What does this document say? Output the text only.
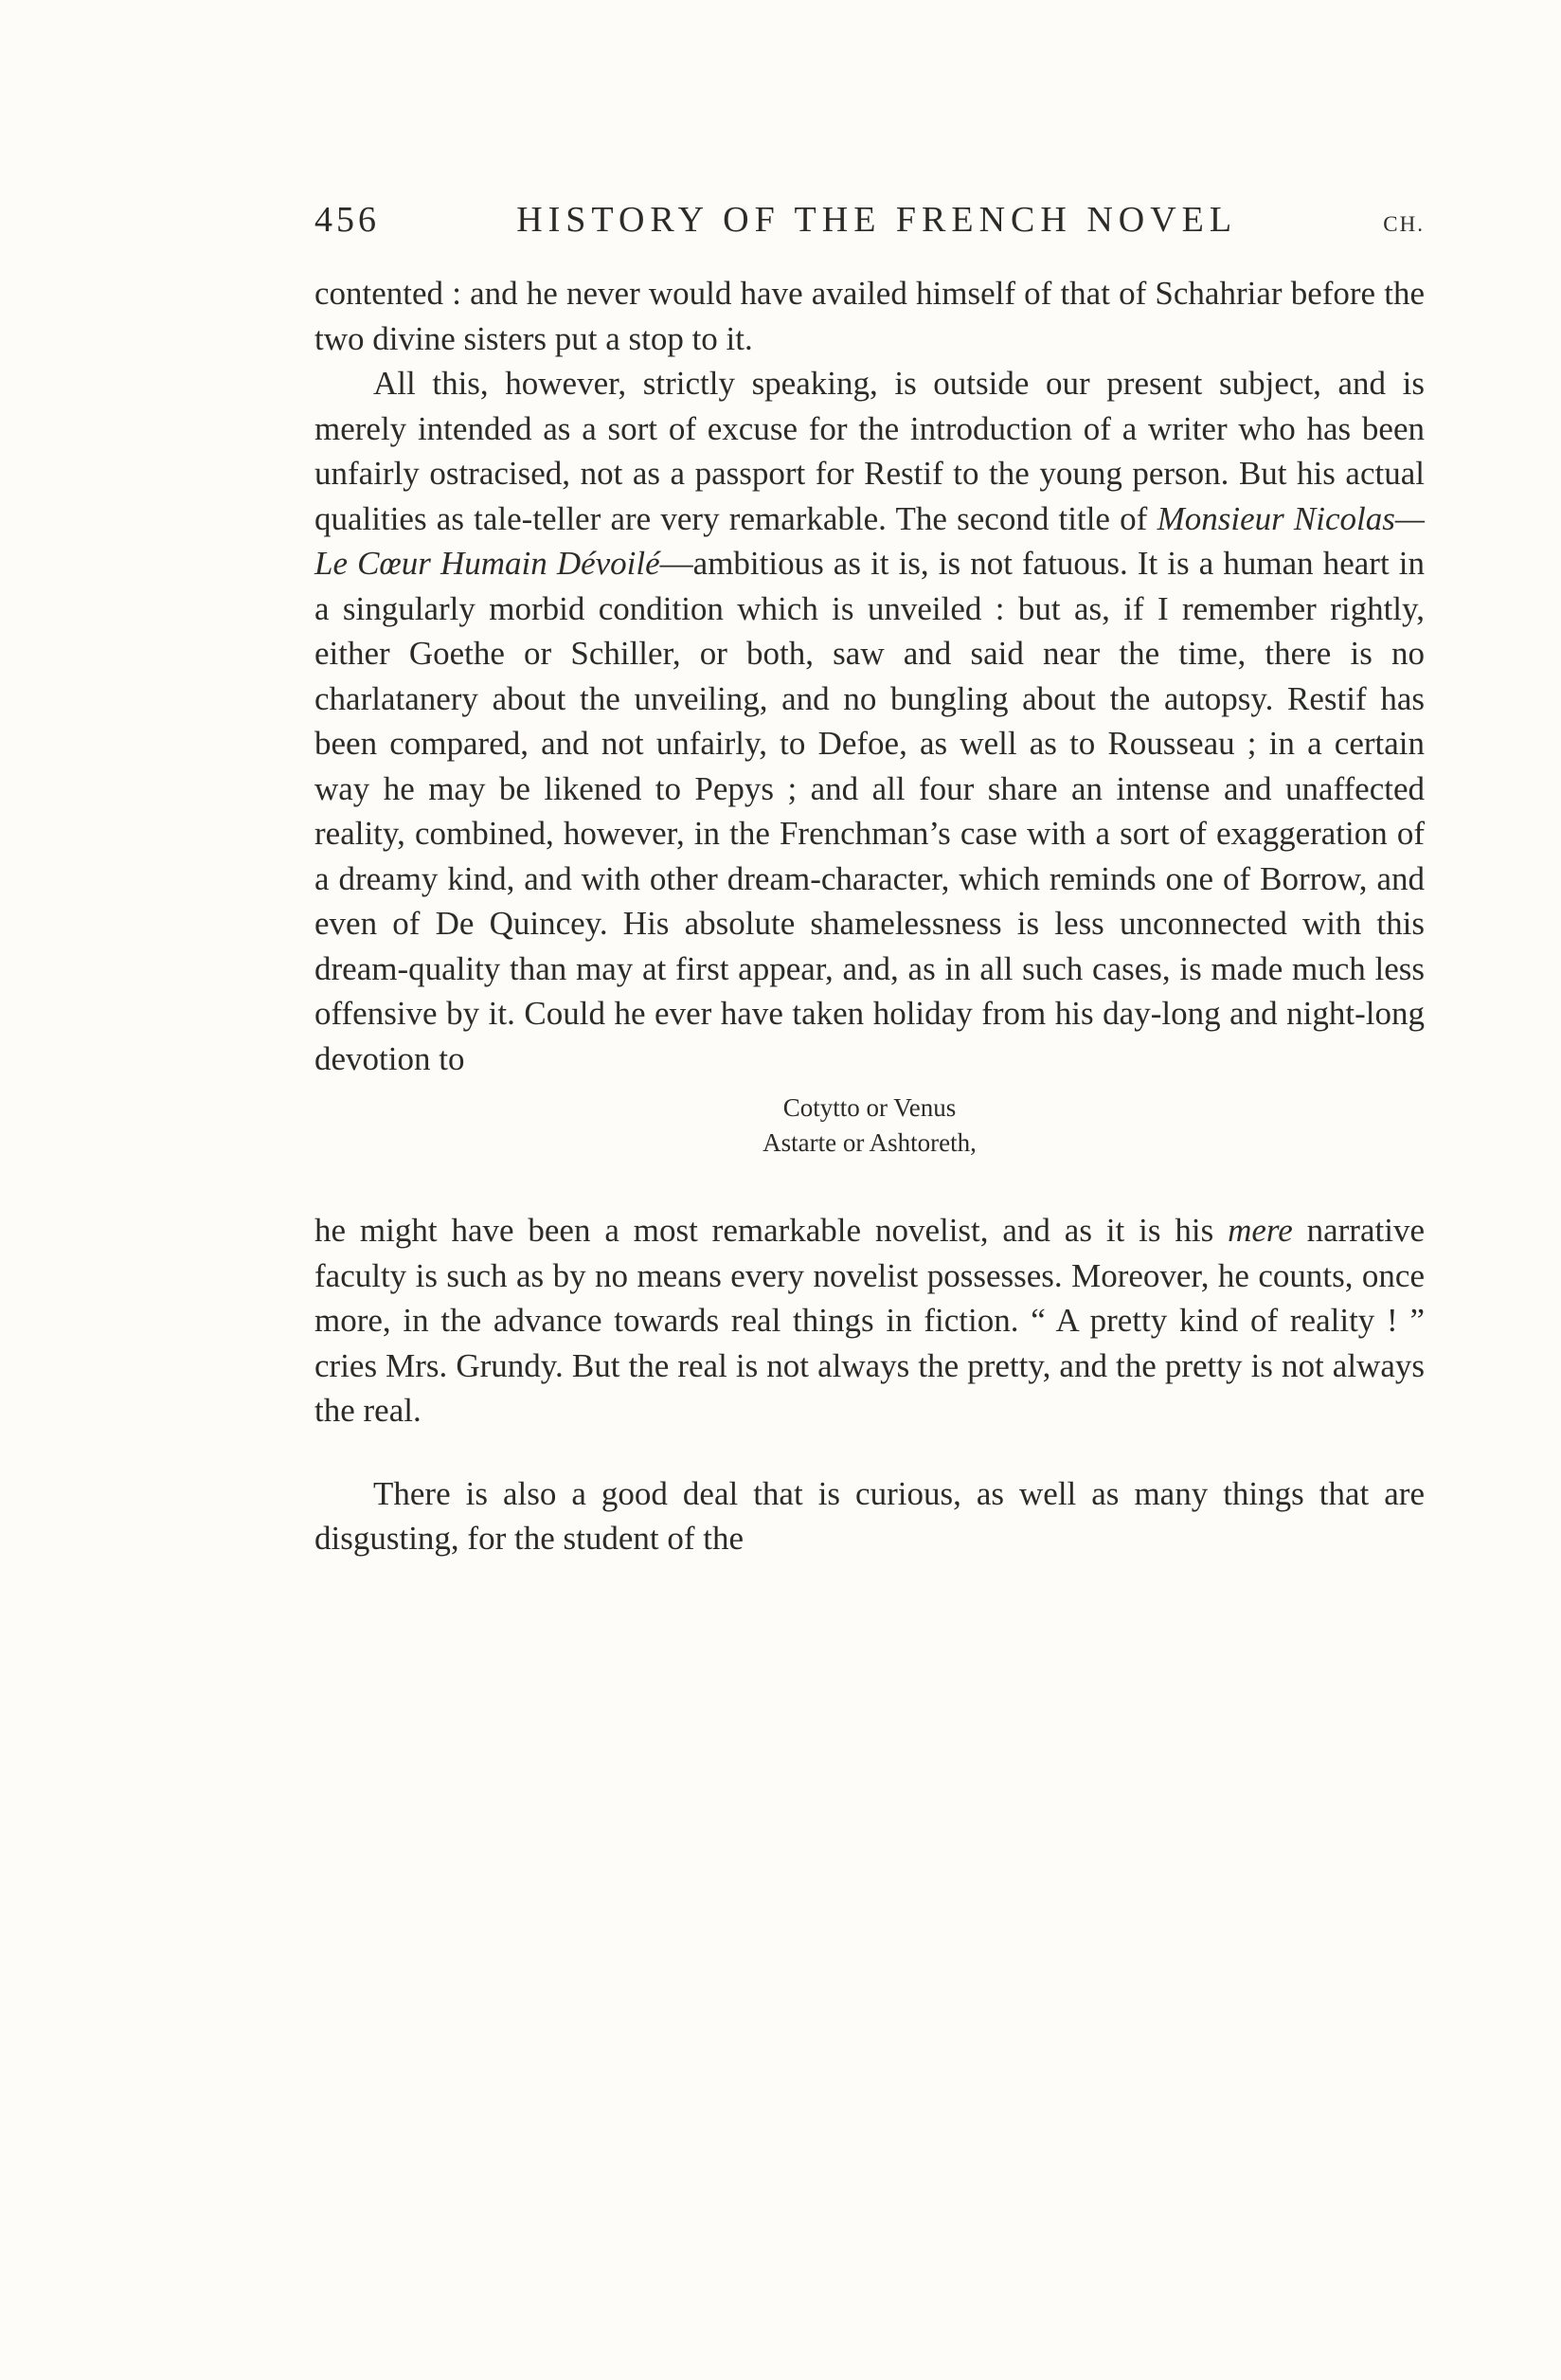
456	HISTORY OF THE FRENCH NOVEL	CH.

contented : and he never would have availed himself of that of Schahriar before the two divine sisters put a stop to it.

All this, however, strictly speaking, is outside our present subject, and is merely intended as a sort of excuse for the introduction of a writer who has been unfairly ostracised, not as a passport for Restif to the young person. But his actual qualities as tale-teller are very remarkable. The second title of Monsieur Nicolas—Le Cœur Humain Dévoilé—ambitious as it is, is not fatuous. It is a human heart in a singularly morbid condition which is unveiled : but as, if I remember rightly, either Goethe or Schiller, or both, saw and said near the time, there is no charlatanery about the unveiling, and no bungling about the autopsy. Restif has been compared, and not unfairly, to Defoe, as well as to Rousseau ; in a certain way he may be likened to Pepys ; and all four share an intense and unaffected reality, combined, however, in the Frenchman’s case with a sort of exaggeration of a dreamy kind, and with other dream-character, which reminds one of Borrow, and even of De Quincey. His absolute shamelessness is less unconnected with this dream-quality than may at first appear, and, as in all such cases, is made much less offensive by it. Could he ever have taken holiday from his day-long and night-long devotion to

Cotytto or Venus
Astarte or Ashtoreth,

he might have been a most remarkable novelist, and as it is his mere narrative faculty is such as by no means every novelist possesses. Moreover, he counts, once more, in the advance towards real things in fiction. “ A pretty kind of reality ! ” cries Mrs. Grundy. But the real is not always the pretty, and the pretty is not always the real.

There is also a good deal that is curious, as well as many things that are disgusting, for the student of the
